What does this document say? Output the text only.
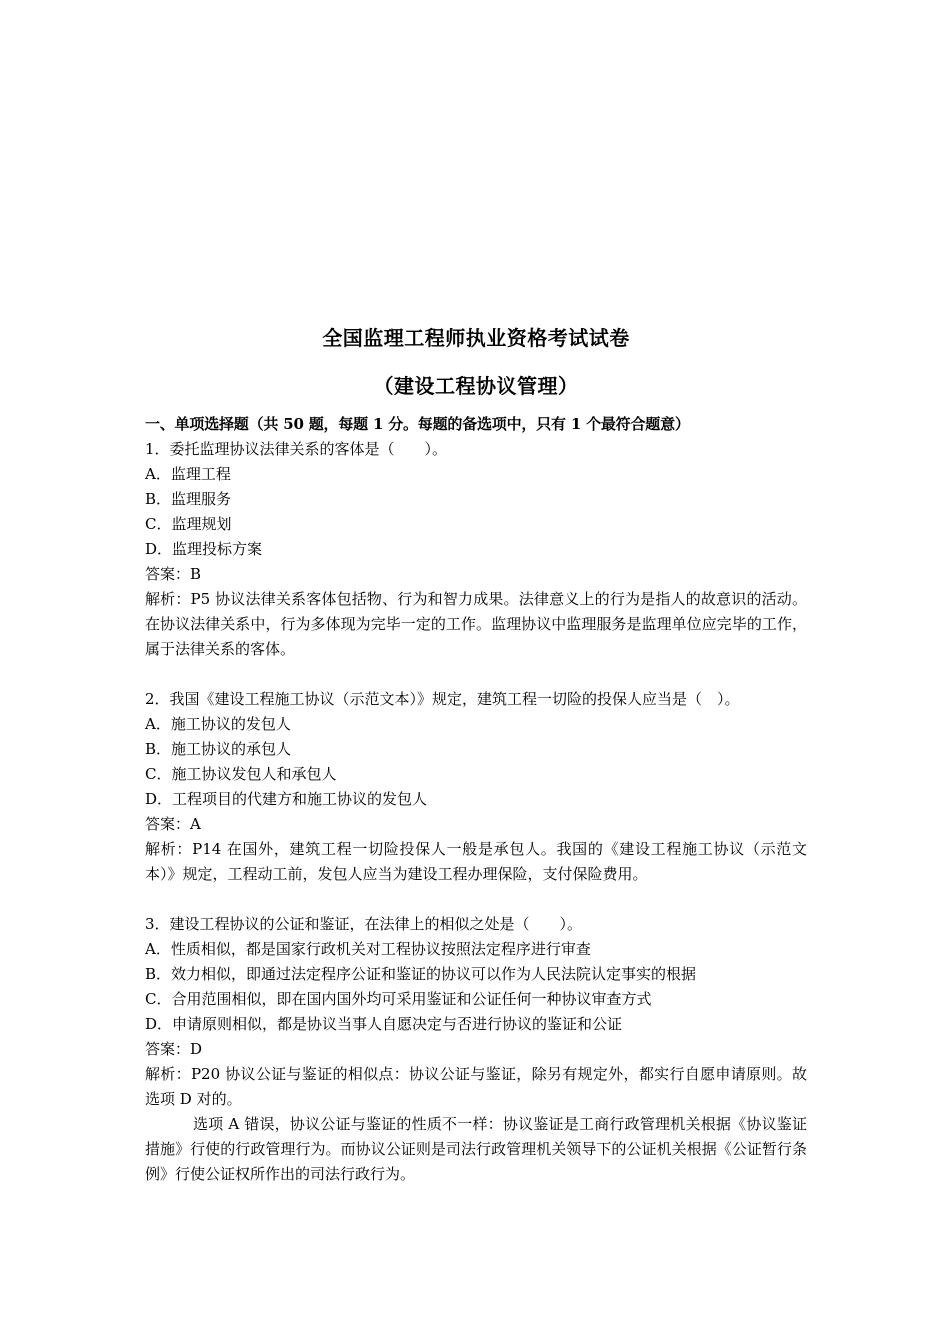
全国监理工程师执业资格考试试卷
（建设工程协议管理）
一、单项选择题（共 50 题，每题 1 分。每题的备选项中，只有 1 个最符合题意）
1．委托监理协议法律关系的客体是（　　）。
A．监理工程
B．监理服务
C．监理规划
D．监理投标方案
答案：B
解析：P5 协议法律关系客体包括物、行为和智力成果。法律意义上的行为是指人的故意识的活动。在协议法律关系中，行为多体现为完毕一定的工作。监理协议中监理服务是监理单位应完毕的工作，属于法律关系的客体。
2．我国《建设工程施工协议（示范文本）》规定，建筑工程一切险的投保人应当是（　）。
A．施工协议的发包人
B．施工协议的承包人
C．施工协议发包人和承包人
D．工程项目的代建方和施工协议的发包人
答案：A
解析：P14 在国外，建筑工程一切险投保人一般是承包人。我国的《建设工程施工协议（示范文本）》规定，工程动工前，发包人应当为建设工程办理保险，支付保险费用。
3．建设工程协议的公证和鉴证，在法律上的相似之处是（　　）。
A．性质相似，都是国家行政机关对工程协议按照法定程序进行审查
B．效力相似，即通过法定程序公证和鉴证的协议可以作为人民法院认定事实的根据
C．合用范围相似，即在国内国外均可采用鉴证和公证任何一种协议审查方式
D．申请原则相似，都是协议当事人自愿决定与否进行协议的鉴证和公证
答案：D
解析：P20 协议公证与鉴证的相似点：协议公证与鉴证，除另有规定外，都实行自愿申请原则。故选项 D 对的。
选项 A 错误，协议公证与鉴证的性质不一样：协议鉴证是工商行政管理机关根据《协议鉴证措施》行使的行政管理行为。而协议公证则是司法行政管理机关领导下的公证机关根据《公证暂行条例》行使公证权所作出的司法行政行为。
